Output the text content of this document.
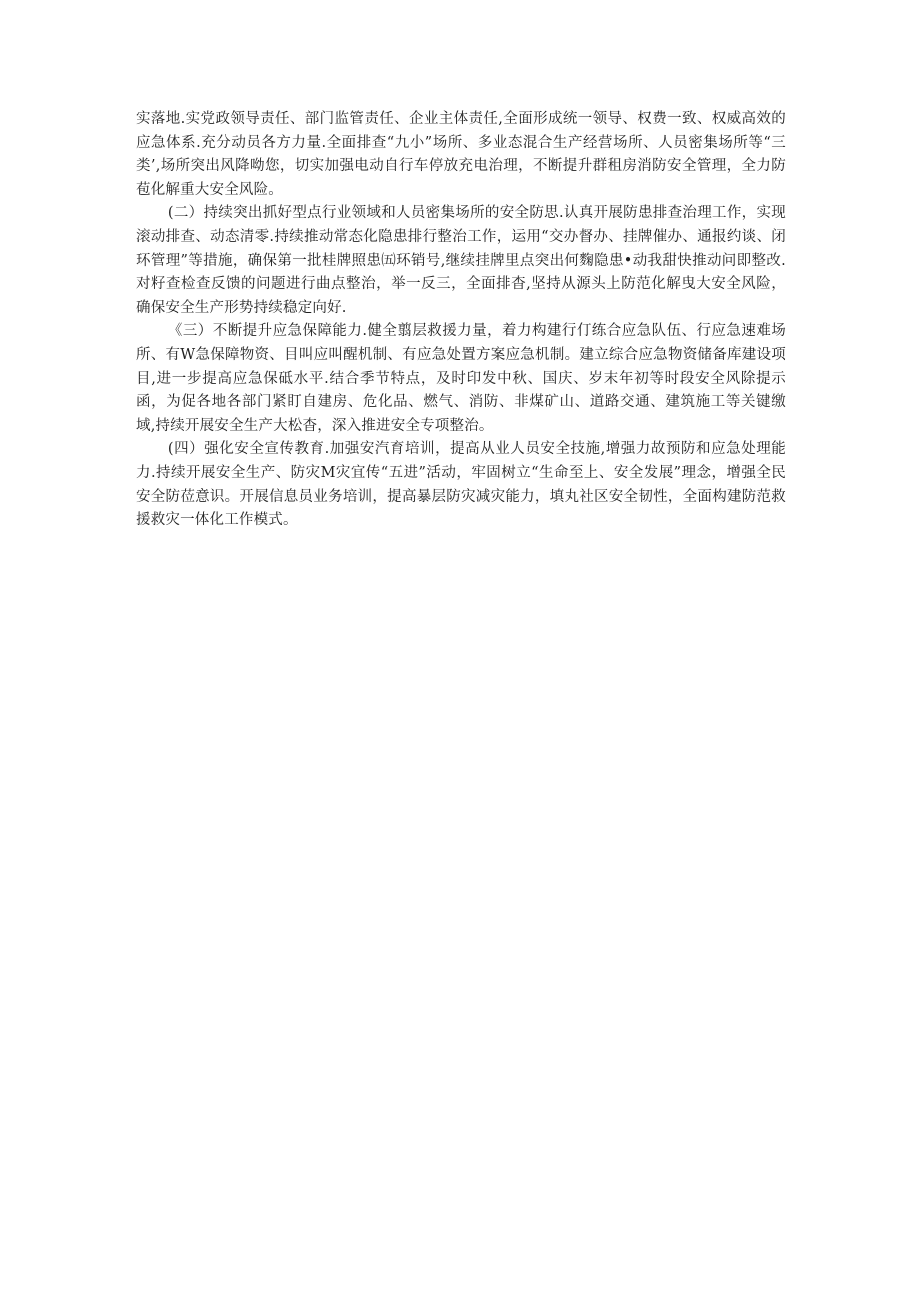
实落地.实党政领导责任、部门监管责任、企业主体责任,全面形成统一领导、权费一致、权威高效的应急体系.充分动员各方力量.全面排查“九小”场所、多业态混合生产经营场所、人员密集场所等“三类’,场所突出风降呦您，切实加强电动自行车停放充电治理，不断提升群租房消防安全管理，全力防苞化解重大安全风险。

(二）持续突出抓好型点行业领域和人员密集场所的安全防思.认真开展防患排查治理工作，实现滚动排查、动态清零.持续推动常态化隐患排行整治工作，运用“交办督办、挂牌催办、通报约谈、闭环管理”等措施，确保第一批桂牌照患㈤环销号,继续挂牌里点突出何麴隐患•动我甜快推动问即整改.对籽查检查反馈的问题进行曲点整治，举一反三，全面排杳,坚持从源头上防范化解曳大安全风险，确保安全生产形势持续稳定向好.

《三）不断提升应急保障能力.健全翦层救援力量，着力构建行仃练合应急队伍、行应急速难场所、有W急保障物资、目叫应叫醒机制、有应急处置方案应急机制。建立综合应急物资储备库建设项目,进一步提高应急保砥水平.结合季节特点，及时印发中秋、国庆、岁末年初等时段安全风除提示函，为促各地各部门紧盯自建房、危化品、燃气、消防、非煤矿山、道路交通、建筑施工等关键缴域,持续开展安全生产大松杳，深入推进安全专项整治。

(四）强化安全宣传教育.加强安汽育培训，提高从业人员安全技施,增强力故预防和应急处理能力.持续开展安全生产、防灾M灾宜传“五进”活动，牢固树立“生命至上、安全发展”理念，增强全民安全防莅意识。开展信息员业务培训，提高暴层防灾减灾能力，填丸社区安全韧性，全面构建防范救援救灾一体化工作模式。
